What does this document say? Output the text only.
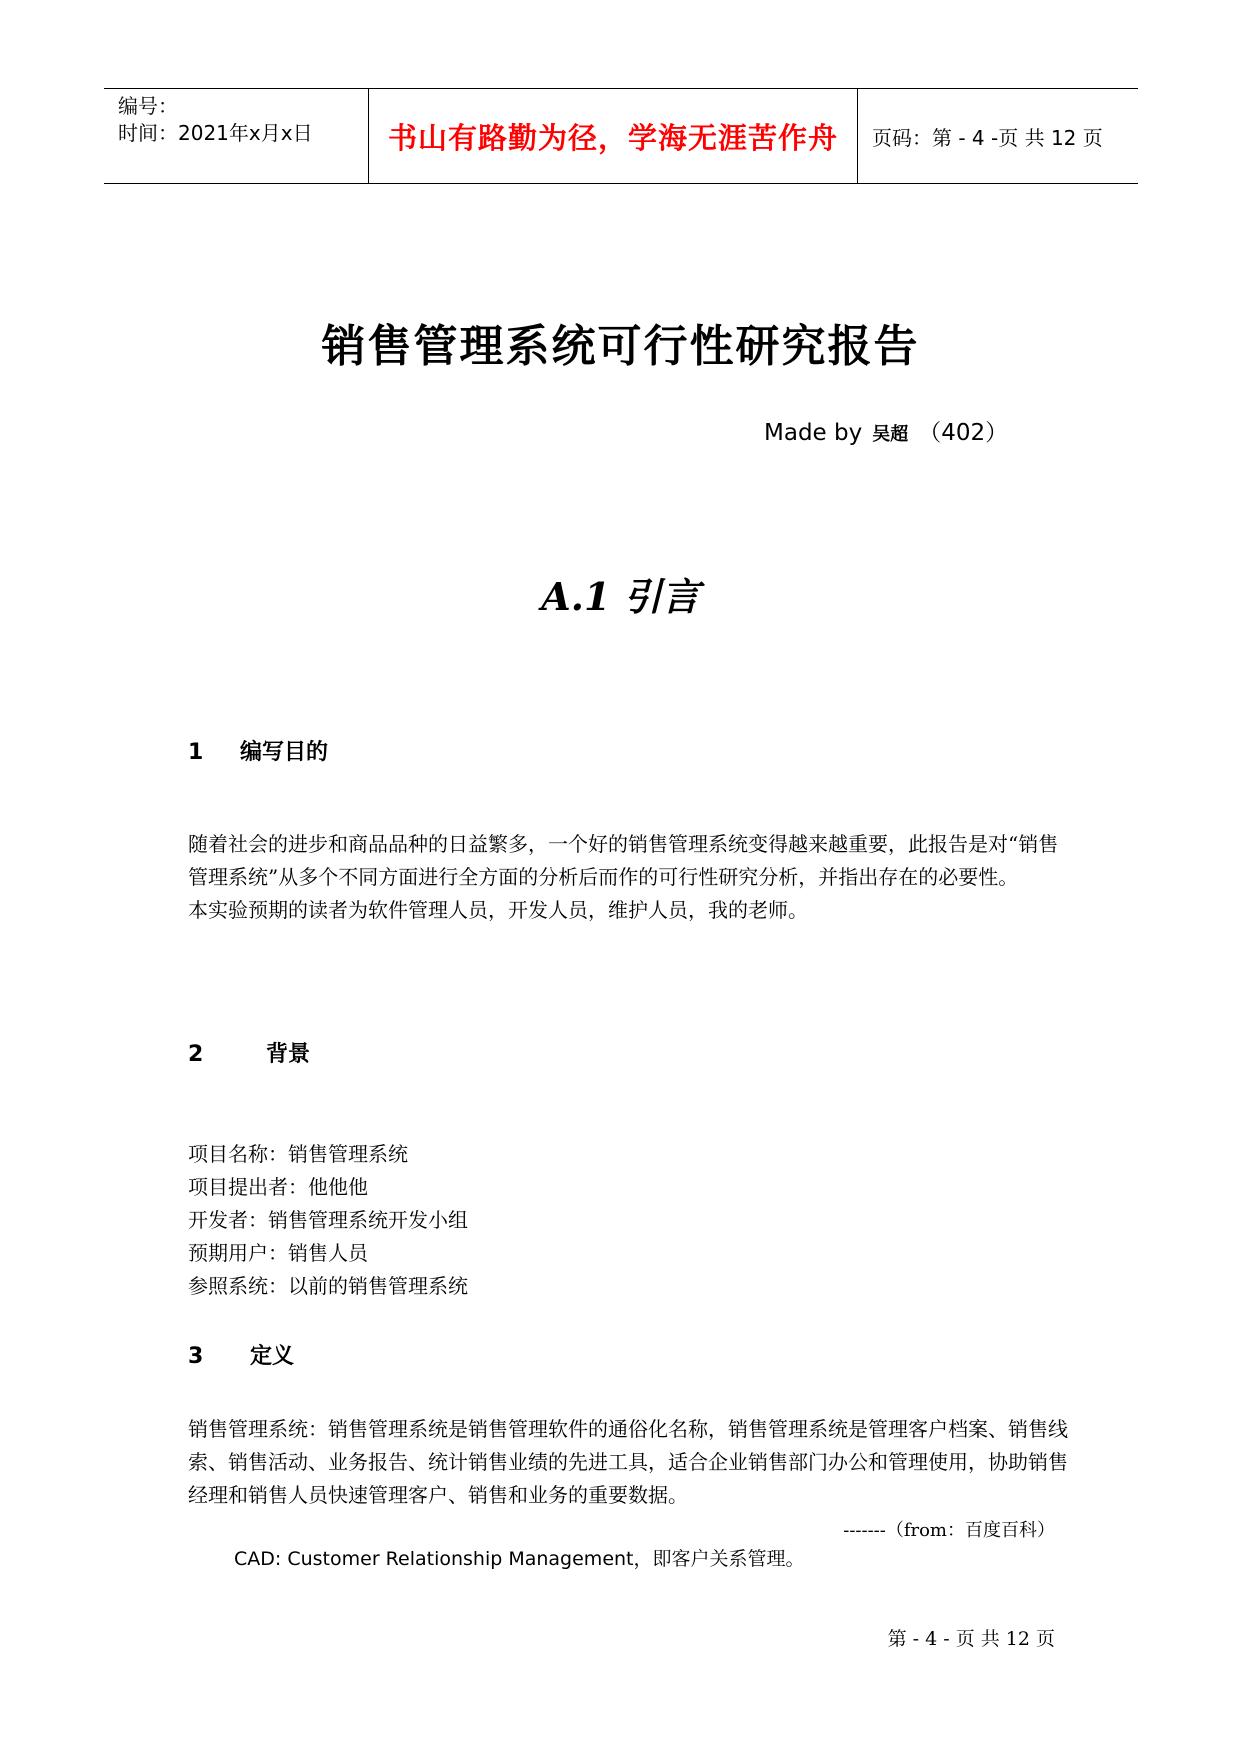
编号：
时间：2021年x月x日	书山有路勤为径，学海无涯苦作舟	页码：第 - 4 -页 共 12 页
销售管理系统可行性研究报告
Made by 吴超 （402）
A.1 引言
1	编写目的

随着社会的进步和商品品种的日益繁多，一个好的销售管理系统变得越来越重要，此报告是对“销售管理系统”从多个不同方面进行全方面的分析后而作的可行性研究分析，并指出存在的必要性。

本实验预期的读者为软件管理人员，开发人员，维护人员，我的老师。

2	背景

项目名称：销售管理系统

项目提出者：他他他

开发者：销售管理系统开发小组

预期用户：销售人员

参照系统：以前的销售管理系统

3	定义

销售管理系统：销售管理系统是销售管理软件的通俗化名称，销售管理系统是管理客户档案、销售线索、销售活动、业务报告、统计销售业绩的先进工具，适合企业销售部门办公和管理使用，协助销售经理和销售人员快速管理客户、销售和业务的重要数据。

-------（from：百度百科）
CAD: Customer Relationship Management，即客户关系管理。
第 - 4 - 页 共 12 页
